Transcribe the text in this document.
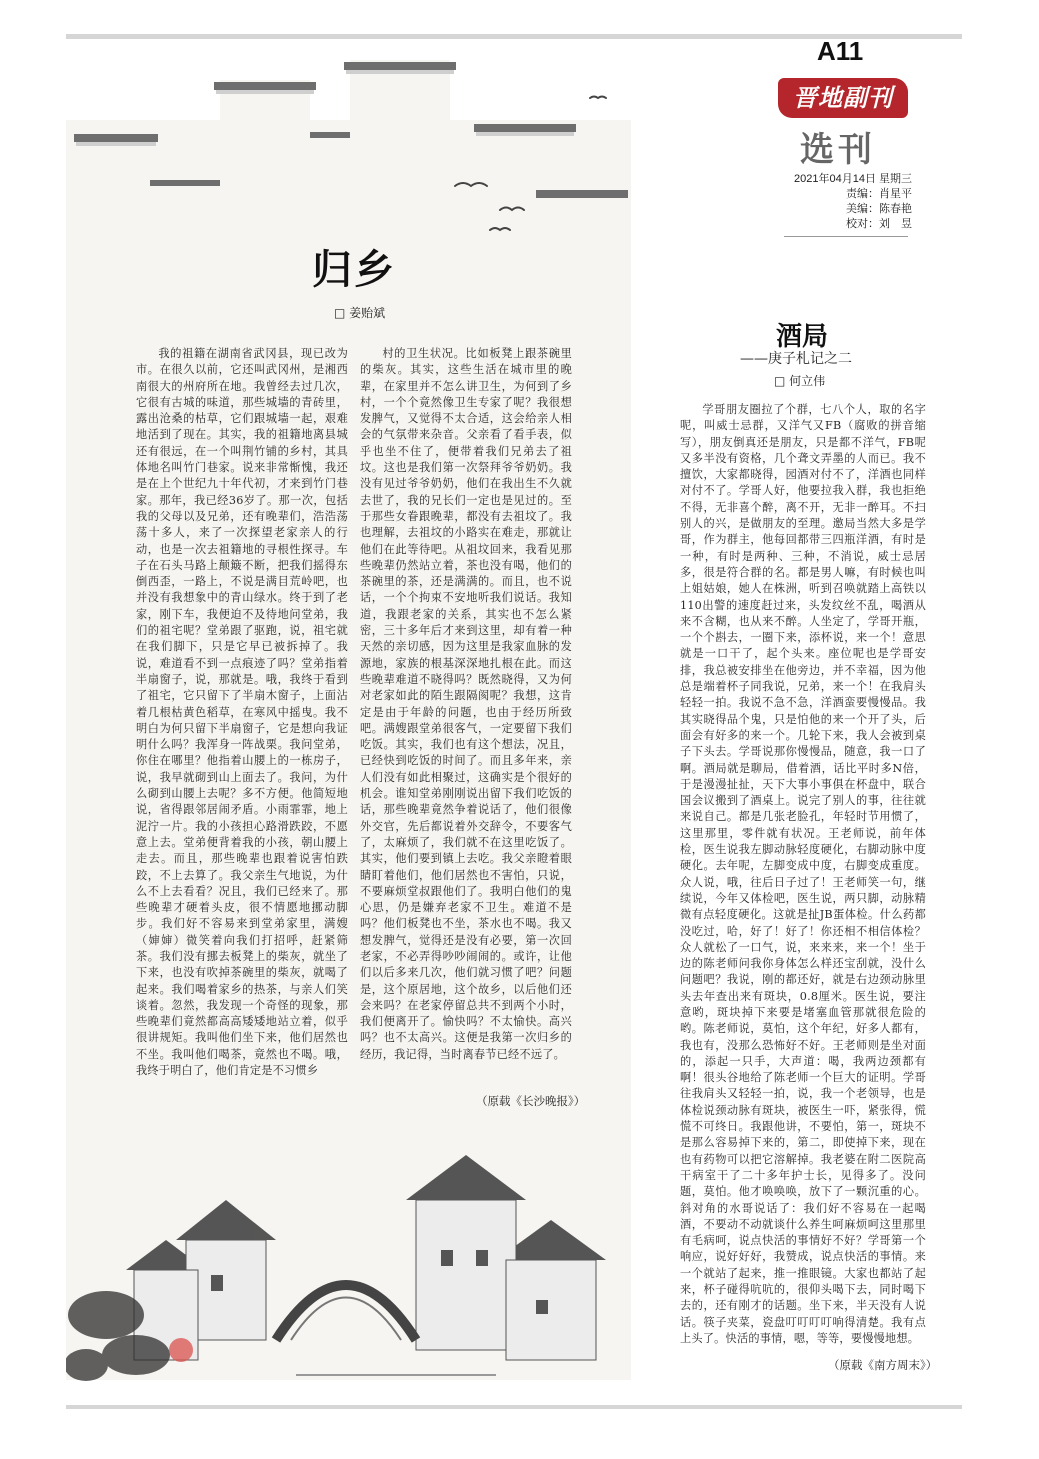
A11
晋地副刊
选刊
2021年04月14日 星期三
责编：肖星平
美编：陈春艳
校对：刘　昱
归乡
□ 姜贻斌
我的祖籍在湖南省武冈县，现已改为市。在很久以前，它还叫武冈州，是湘西南很大的州府所在地。我曾经去过几次，它很有古城的味道，那些城墙的青砖里，露出沧桑的枯草，它们跟城墙一起，艰难地活到了现在。其实，我的祖籍地离县城还有很远，在一个叫荆竹铺的乡村，其具体地名叫竹门巷家。说来非常惭愧，我还是在上个世纪九十年代初，才来到竹门巷家。那年，我已经36岁了。那一次，包括我的父母以及兄弟，还有晚辈们，浩浩荡荡十多人，来了一次探望老家亲人的行动，也是一次去祖籍地的寻根性探寻。车子在石头马路上颠簸不断，把我们摇得东倒西歪，一路上，不说是满目荒岭吧，也并没有我想象中的青山绿水。终于到了老家，刚下车，我便迫不及待地问堂弟，我们的祖宅呢？堂弟跟了驱跑，说，祖宅就在我们脚下，只是它早已被拆掉了。我说，难道看不到一点痕迹了吗？堂弟指着半扇窗子，说，那就是。哦，我终于看到了祖宅，它只留下了半扇木窗子，上面沾着几根枯黄色稻草，在寒风中摇曳。我不明白为何只留下半扇窗子，它是想向我证明什么吗？我浑身一阵战栗。我问堂弟，你住在哪里？他指着山腰上的一栋房子，说，我早就砌到山上面去了。我问，为什么砌到山腰上去呢？多不方便。他简短地说，省得跟邻居闹矛盾。小雨霏霏，地上泥泞一片。我的小孩担心路滑跌跤，不愿意上去。堂弟便背着我的小孩，朝山腰上走去。而且，那些晚辈也跟着说害怕跌跤，不上去算了。我父亲生气地说，为什么不上去看看？况且，我们已经来了。那些晚辈才硬着头皮，很不情愿地挪动脚步。我们好不容易来到堂弟家里，满嫂（婶婶）微笑着向我们打招呼，赶紧筛茶。我们没有挪去板凳上的柴灰，就坐了下来，也没有吹掉茶碗里的柴灰，就喝了起来。我们喝着家乡的热茶，与亲人们笑谈着。忽然，我发现一个奇怪的现象，那些晚辈们竟然都高高矮矮地站立着，似乎很讲规矩。我叫他们坐下来，他们居然也不坐。我叫他们喝茶，竟然也不喝。哦，我终于明白了，他们肯定是不习惯乡
村的卫生状况。比如板凳上跟茶碗里的柴灰。其实，这些生活在城市里的晚辈，在家里并不怎么讲卫生，为何到了乡村，一个个竟然像卫生专家了呢？我很想发脾气，又觉得不太合适，这会给亲人相会的气氛带来杂音。父亲看了看手表，似乎也坐不住了，便带着我们兄弟去了祖坟。这也是我们第一次祭拜爷爷奶奶。我没有见过爷爷奶奶，他们在我出生不久就去世了，我的兄长们一定也是见过的。至于那些女眷跟晚辈，都没有去祖坟了。我也理解，去祖坟的小路实在难走，那就让他们在此等待吧。从祖坟回来，我看见那些晚辈仍然站立着，茶也没有喝，他们的茶碗里的茶，还是满满的。而且，也不说话，一个个拘束不安地听我们说话。我知道，我跟老家的关系，其实也不怎么紧密，三十多年后才来到这里，却有着一种天然的亲切感，因为这里是我家血脉的发源地，家族的根基深深地扎根在此。而这些晚辈难道不晓得吗？既然晓得，又为何对老家如此的陌生跟隔阂呢？我想，这肯定是由于年龄的问题，也由于经历所致吧。满嫂跟堂弟很客气，一定要留下我们吃饭。其实，我们也有这个想法，况且，已经快到吃饭的时间了。而且多年来，亲人们没有如此相聚过，这确实是个很好的机会。谁知堂弟刚刚说出留下我们吃饭的话，那些晚辈竟然争着说话了，他们很像外交官，先后都说着外交辞令，不要客气了，太麻烦了，我们就不在这里吃饭了。其实，他们要到镇上去吃。我父亲瞪着眼睛盯着他们，他们居然也不害怕，只说，不要麻烦堂叔跟他们了。我明白他们的鬼心思，仍是嫌弃老家不卫生。难道不是吗？他们板凳也不坐，茶水也不喝。我又想发脾气，觉得还是没有必要，第一次回老家，不必弄得吵吵闹闹的。或许，让他们以后多来几次，他们就习惯了吧？问题是，这个原居地，这个故乡，以后他们还会来吗？在老家停留总共不到两个小时，我们便离开了。愉快吗？不太愉快。高兴吗？也不太高兴。这便是我第一次归乡的经历，我记得，当时离春节已经不远了。
（原载《长沙晚报》）
酒局
——庚子札记之二
□ 何立伟
学哥朋友圈拉了个群，七八个人，取的名字呢，叫威士忌群，又洋气又FB（腐败的拼音缩写），朋友倒真还是朋友，只是都不洋气，FB呢又多半没有资格，几个聋文弄墨的人而已。我不擅饮，大家都晓得，园酒对付不了，洋酒也同样对付不了。学哥人好，他要拉我入群，我也拒绝不得，无非喜个醉，离不开，无非一醉耳。不扫别人的兴，是做朋友的至理。邀局当然大多是学哥，作为群主，他每回都带三四瓶洋酒，有时是一种，有时是两种、三种，不消说，威士忌居多，很是符合群的名。都是男人嘛，有时候也叫上姐姑娘，她人在株洲，听到召唤就踏上高铁以110出警的速度赶过来，头发纹丝不乱，喝酒从来不含糊，也从来不醉。人坐定了，学哥开瓶，一个个斟去，一圈下来，添杯说，来一个！意思就是一口干了，起个头来。座位呢也是学哥安排，我总被安排坐在他旁边，并不幸福，因为他总是端着杯子同我说，兄弟，来一个！在我肩头轻轻一拍。我说不急不急，洋酒蛮要慢慢品。我其实晓得品个鬼，只是怕他的来一个开了头，后面会有好多的来一个。几轮下来，我人会被到桌子下头去。学哥说那你慢慢品，随意，我一口了啊。酒局就是聊局，借着酒，话比平时多N倍，于是漫漫扯扯，天下大事小事俱在杯盘中，联合国会议搬到了酒桌上。说完了别人的事，往往就来说自己。都是几张老脸孔，年轻时节用惯了，这里那里，零件就有状况。王老师说，前年体检，医生说我左脚动脉轻度硬化，右脚动脉中度硬化。去年呢，左脚变成中度，右脚变成重度。众人说，哦，往后日子过了！王老师笑一句，继续说，今年又体检吧，医生说，两只脚，动脉精微有点轻度硬化。这就是扯JB蛋体检。什么药都没吃过，哈，好了！好了！你还相不相信体检？众人就松了一口气，说，来来来，来一个！坐于边的陈老师问我你身体怎么样还宝刮就，没什么问题吧？我说，刚的都还好，就是右边颈动脉里头去年查出来有斑块，0.8厘米。医生说，要注意哟，斑块掉下来要是堵塞血管那就很危险的哟。陈老师说，莫怕，这个年纪，好多人都有，我也有，没那么恐怖好不好。王老师则是坐对面的，添起一只手，大声道：喝，我两边颈都有啊！很头谷地给了陈老师一个巨大的证明。学哥往我肩头又轻轻一拍，说，我一个老领导，也是体检说颈动脉有斑块，被医生一吓，紧张得，慌慌不可终日。我跟他讲，不要怕，第一，斑块不是那么容易掉下来的，第二，即使掉下来，现在也有药物可以把它溶解掉。我老婆在附二医院高干病室干了二十多年护士长，见得多了。没问题，莫怕。他才唤唤唤，放下了一颗沉重的心。斜对角的水哥说话了：我们好不容易在一起喝酒，不要动不动就谈什么养生呵麻烦呵这里那里有毛病呵，说点快活的事情好不好？学哥第一个响应，说好好好，我赞成，说点快活的事情。来一个就站了起来，推一推眼镜。大家也都站了起来，杯子碰得吭吭的，很仰头喝下去，同时喝下去的，还有刚才的话题。坐下来，半天没有人说话。筷子夹菜，瓷盘叮叮叮叮响得清楚。我有点上头了。快活的事情，嗯，等等，要慢慢地想。
（原载《南方周末》）
